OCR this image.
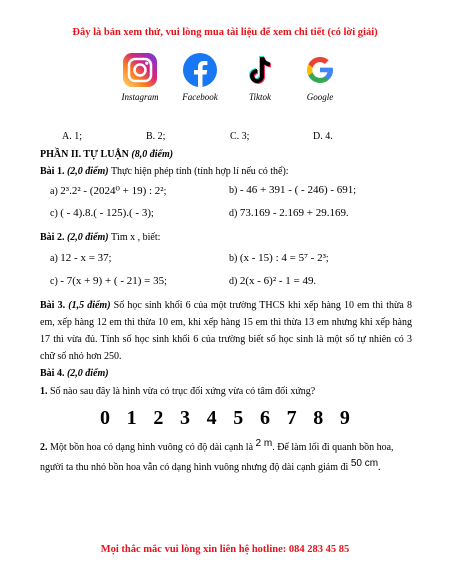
Đây là bản xem thử, vui lòng mua tài liệu để xem chi tiết (có lời giải)
Instagram	Facebook	Tiktok	Google
A. 1;	B. 2;	C. 3;	D. 4.
PHẦN II. TỰ LUẬN (8,0 điểm)
Bài 1. (2,0 điểm) Thực hiện phép tính (tính hợp lí nếu có thể):
a) 2³.2² - (2024⁰ + 19) : 2²;	b) - 46 + 391 - ( - 246) - 691;
c) ( - 4).8.( - 125).( - 3);	d) 73.169 - 2.169 + 29.169.
Bài 2. (2,0 điểm) Tìm x , biết:
a) 12 - x = 37;	b) (x - 15) : 4 = 5⁷ - 2³;
c) - 7(x + 9) + ( - 21) = 35;	d) 2(x - 6)² - 1 = 49.
Bài 3. (1,5 điểm) Số học sinh khối 6 của một trường THCS khi xếp hàng 10 em thì thừa 8 em, xếp hàng 12 em thì thừa 10 em, khi xếp hàng 15 em thì thừa 13 em nhưng khi xếp hàng 17 thì vừa đủ. Tính số học sinh khối 6 của trường biết số học sinh là một số tự nhiên có 3 chữ số nhỏ hơn 250.
Bài 4. (2,0 điểm)
1. Số nào sau đây là hình vừa có trục đối xứng vừa có tâm đối xứng?
0 1 2 3 4 5 6 7 8 9
2. Một bồn hoa có dạng hình vuông có độ dài cạnh là 2 m. Để làm lối đi quanh bồn hoa,
người ta thu nhỏ bồn hoa vẫn có dạng hình vuông nhưng độ dài cạnh giảm đi 50 cm.
Mọi thắc mắc vui lòng xin liên hệ hotline: 084 283 45 85
